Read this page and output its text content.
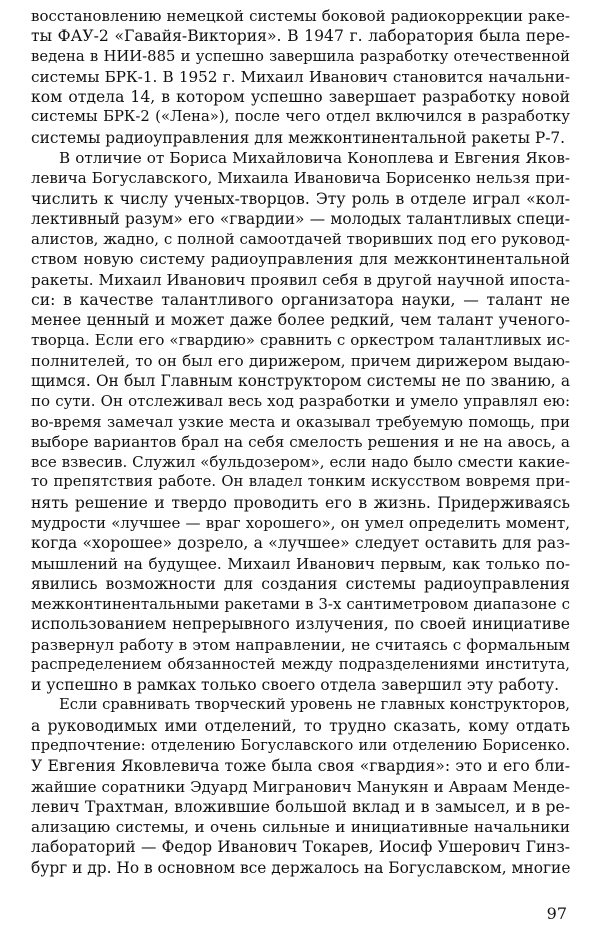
восстановлению немецкой системы боковой радиокоррекции раке-
ты ФАУ-2 «Гавайя-Виктория». В 1947 г. лаборатория была пере-
ведена в НИИ-885 и успешно завершила разработку отечественной
системы БРК-1. В 1952 г. Михаил Иванович становится начальни-
ком отдела 14, в котором успешно завершает разработку новой
системы БРК-2 («Лена»), после чего отдел включился в разработку
системы радиоуправления для межконтинентальной ракеты Р-7.
В отличие от Бориса Михайловича Коноплева и Евгения Яков-
левича Богуславского, Михаила Ивановича Борисенко нельзя при-
числить к числу ученых-творцов. Эту роль в отделе играл «кол-
лективный разум» его «гвардии» — молодых талантливых специ-
алистов, жадно, с полной самоотдачей творивших под его руковод-
ством новую систему радиоуправления для межконтинентальной
ракеты. Михаил Иванович проявил себя в другой научной ипоста-
си: в качестве талантливого организатора науки, — талант не
менее ценный и может даже более редкий, чем талант ученого-
творца. Если его «гвардию» сравнить с оркестром талантливых ис-
полнителей, то он был его дирижером, причем дирижером выдаю-
щимся. Он был Главным конструктором системы не по званию, а
по сути. Он отслеживал весь ход разработки и умело управлял ею:
во-время замечал узкие места и оказывал требуемую помощь, при
выборе вариантов брал на себя смелость решения и не на авось, а
все взвесив. Служил «бульдозером», если надо было смести какие-
то препятствия работе. Он владел тонким искусством вовремя при-
нять решение и твердо проводить его в жизнь. Придерживаясь
мудрости «лучшее — враг хорошего», он умел определить момент,
когда «хорошее» дозрело, а «лучшее» следует оставить для раз-
мышлений на будущее. Михаил Иванович первым, как только по-
явились возможности для создания системы радиоуправления
межконтинентальными ракетами в 3-х сантиметровом диапазоне с
использованием непрерывного излучения, по своей инициативе
развернул работу в этом направлении, не считаясь с формальным
распределением обязанностей между подразделениями института,
и успешно в рамках только своего отдела завершил эту работу.
Если сравнивать творческий уровень не главных конструкторов,
а руководимых ими отделений, то трудно сказать, кому отдать
предпочтение: отделению Богуславского или отделению Борисенко.
У Евгения Яковлевича тоже была своя «гвардия»: это и его бли-
жайшие соратники Эдуард Мигранович Манукян и Авраам Менде-
левич Трахтман, вложившие большой вклад и в замысел, и в ре-
ализацию системы, и очень сильные и инициативные начальники
лабораторий — Федор Иванович Токарев, Иосиф Ушерович Гинз-
бург и др. Но в основном все держалось на Богуславском, многие
97
